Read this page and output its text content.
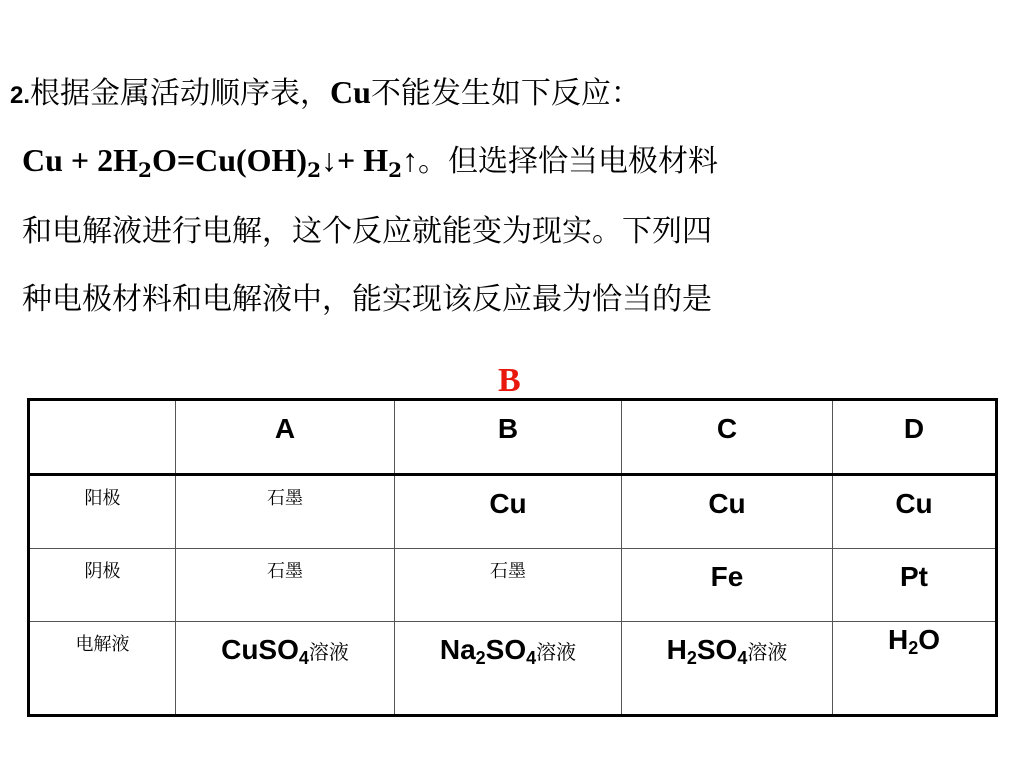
2.根据金属活动顺序表，Cu不能发生如下反应：
$Cu + 2H_2O=Cu(OH)_2↓+$ $H_2↑$。但选择恰当电极材料
和电解液进行电解，这个反应就能变为现实。下列四
种电极材料和电解液中，能实现该反应最为恰当的是
B

	A	B	C	D

阳极	石墨	Cu	Cu	Cu

阴极	石墨	石墨	Fe	Pt

电解液	CuSO$_4$溶液	$Na_2SO_4$溶液	$H_2SO_4$溶液	$H_2O$
